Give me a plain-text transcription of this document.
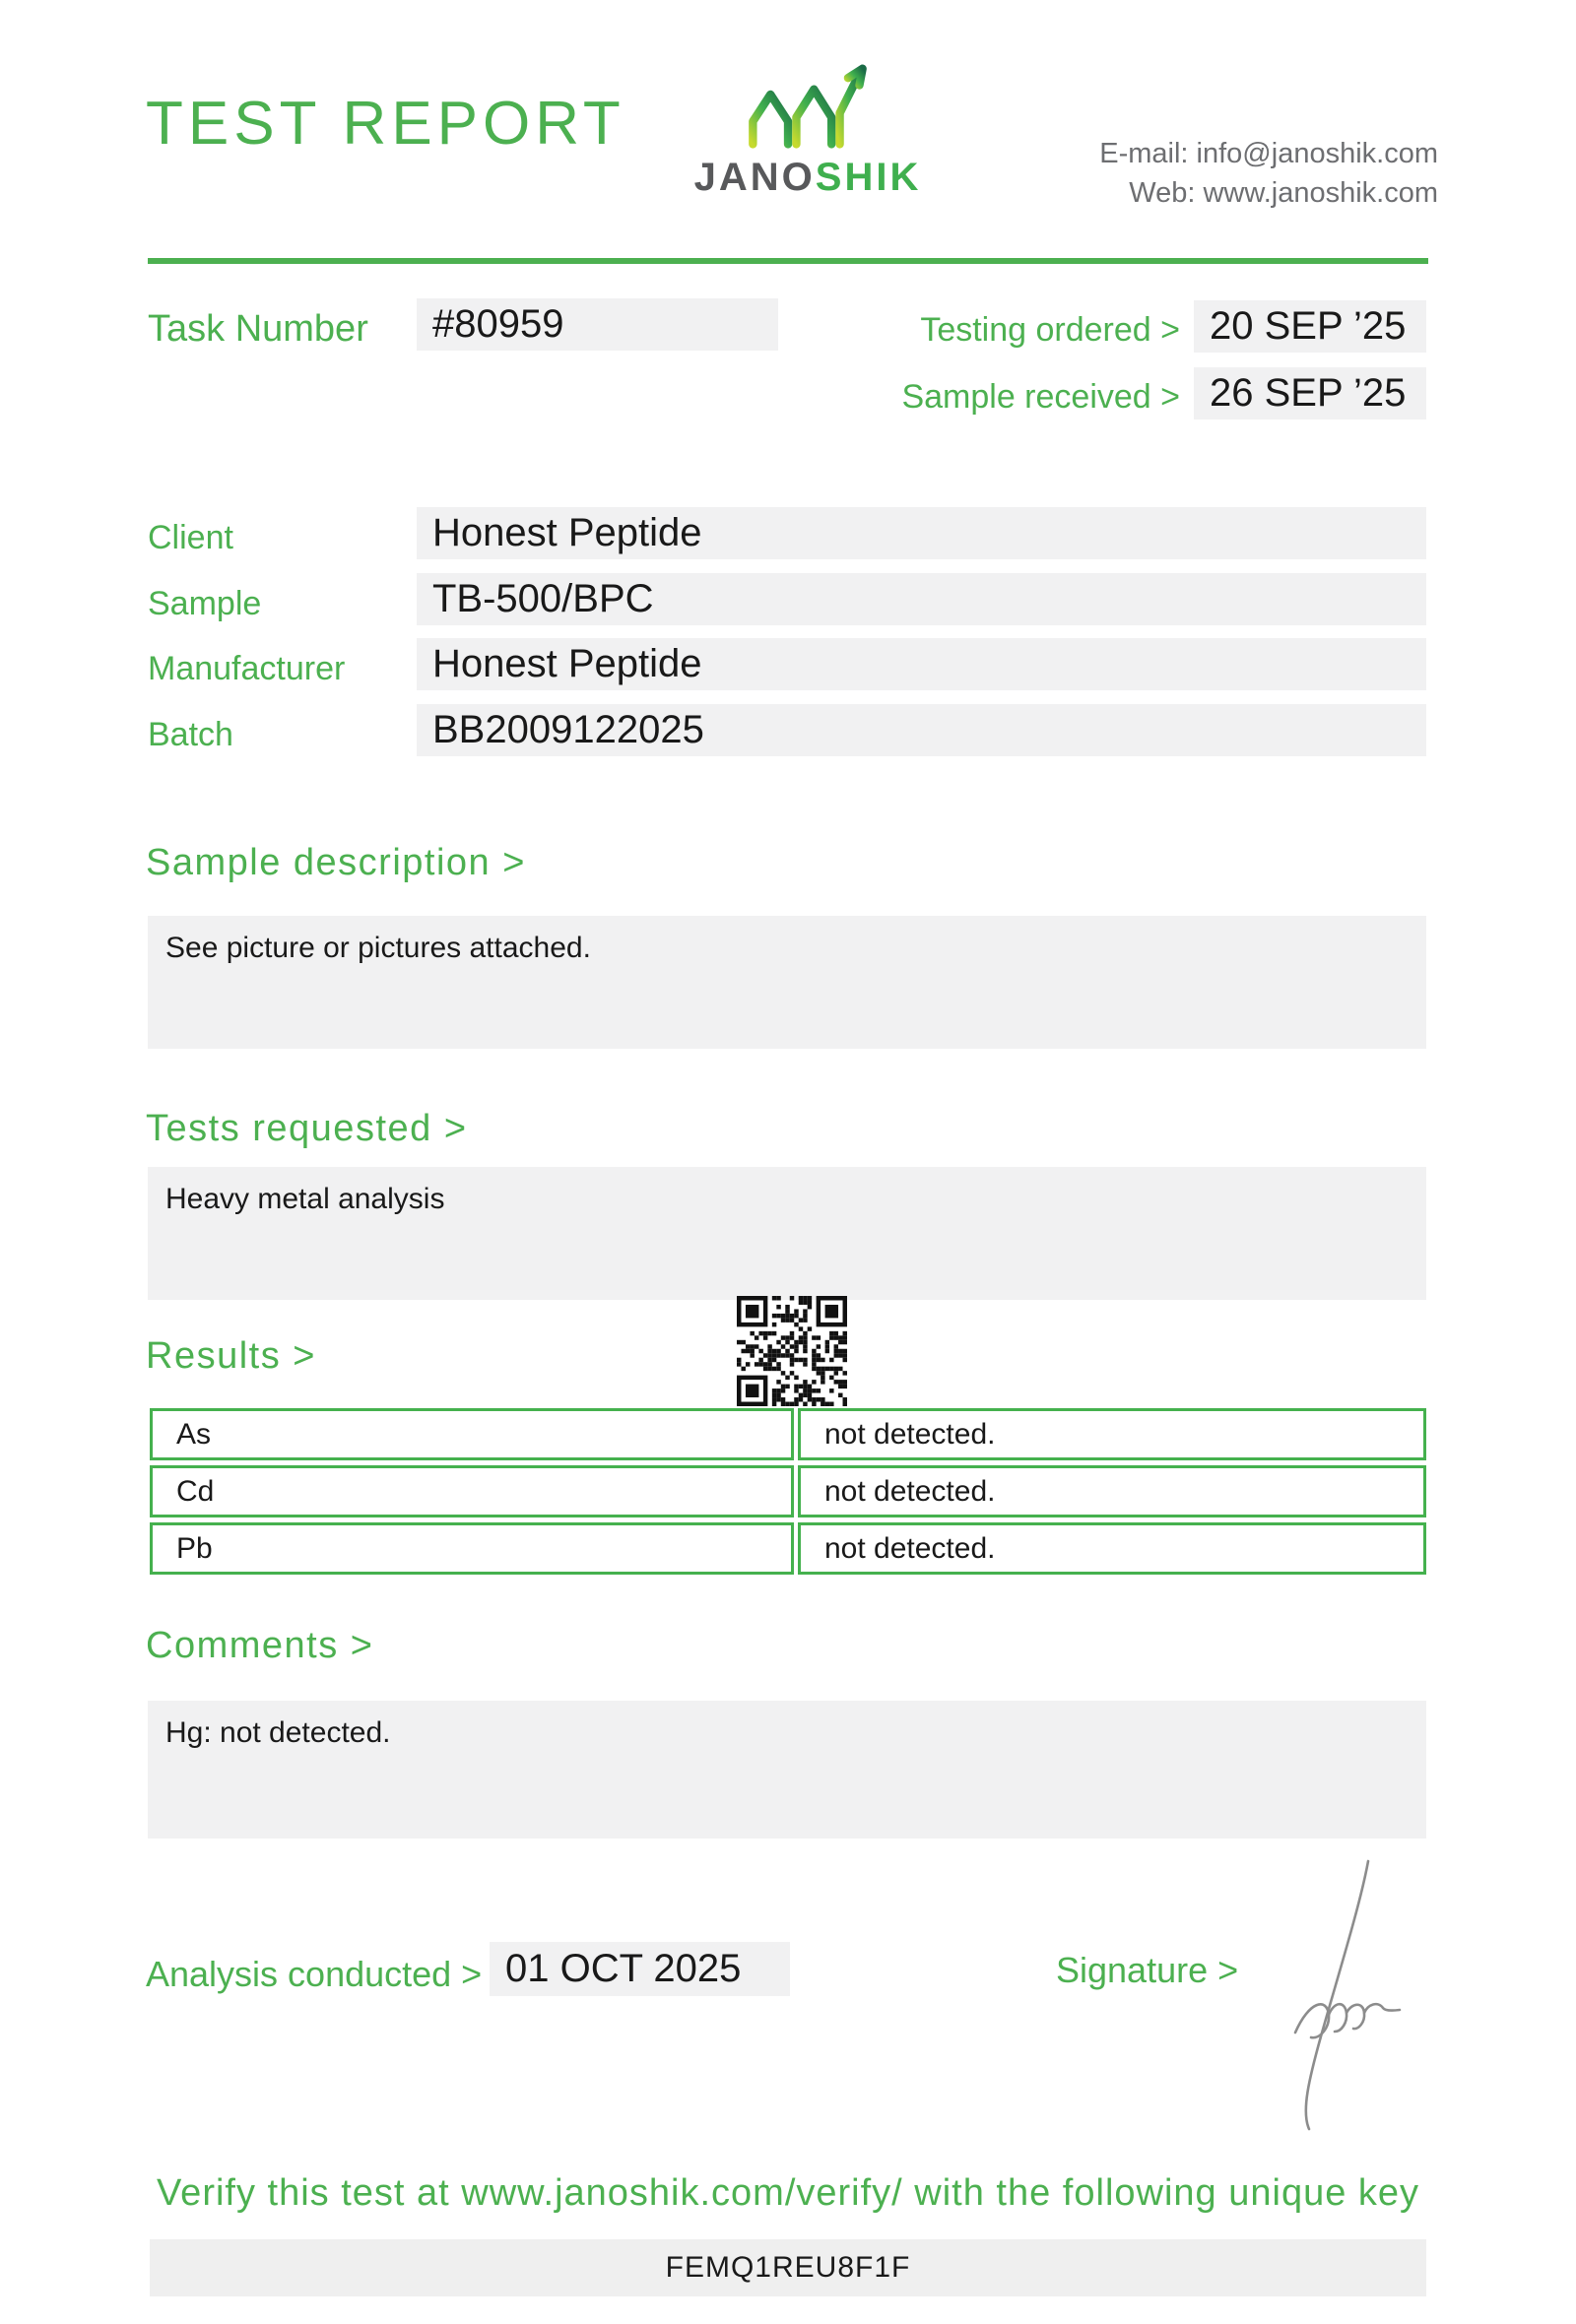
TEST REPORT
JANOSHIK
E-mail: info@janoshik.com
Web: www.janoshik.com
Task Number	#80959	Testing ordered > 20 SEP ’25
Sample received > 26 SEP ’25
Client	Honest Peptide
Sample	TB-500/BPC
Manufacturer	Honest Peptide
Batch	BB2009122025
Sample description >
See picture or pictures attached.
Tests requested >
Heavy metal analysis
Results >
As	not detected.
Cd	not detected.
Pb	not detected.
Comments >
Hg: not detected.
Analysis conducted > 01 OCT 2025	Signature >
Verify this test at www.janoshik.com/verify/ with the following unique key
FEMQ1REU8F1F
